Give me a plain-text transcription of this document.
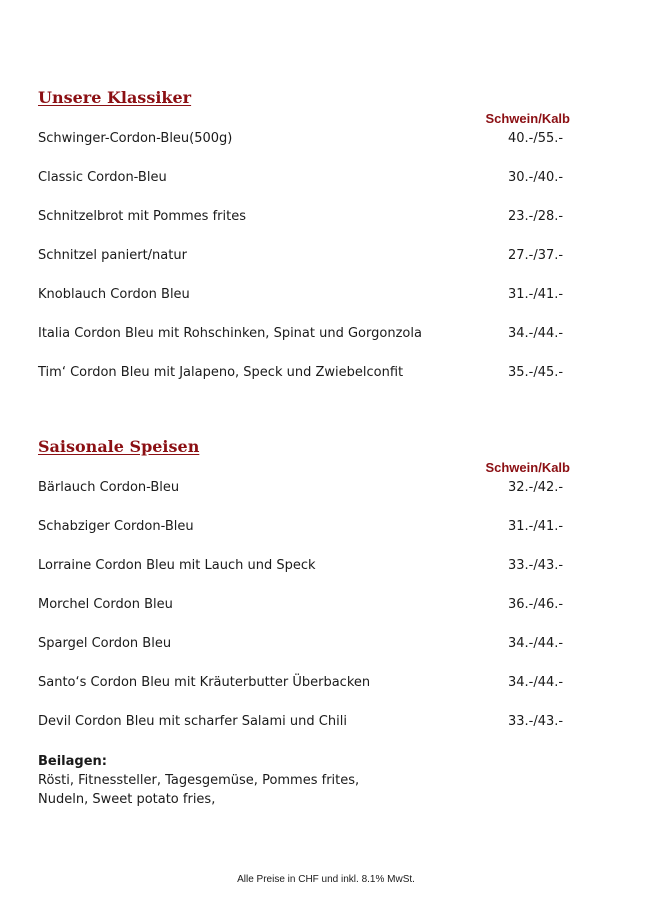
Unsere Klassiker
Schwein/Kalb
Schwinger-Cordon-Bleu(500g)	40.-/55.-
Classic Cordon-Bleu	30.-/40.-
Schnitzelbrot mit Pommes frites	23.-/28.-
Schnitzel paniert/natur	27.-/37.-
Knoblauch Cordon Bleu	31.-/41.-
Italia Cordon Bleu mit Rohschinken, Spinat und Gorgonzola	34.-/44.-
Tim‘ Cordon Bleu mit Jalapeno, Speck und Zwiebelconfit	35.-/45.-
Saisonale Speisen
Schwein/Kalb
Bärlauch Cordon-Bleu	32.-/42.-
Schabziger Cordon-Bleu	31.-/41.-
Lorraine Cordon Bleu mit Lauch und Speck	33.-/43.-
Morchel Cordon Bleu	36.-/46.-
Spargel Cordon Bleu	34.-/44.-
Santo‘s Cordon Bleu mit Kräuterbutter Überbacken	34.-/44.-
Devil Cordon Bleu mit scharfer Salami und Chili	33.-/43.-
Beilagen:
Rösti, Fitnessteller, Tagesgemüse, Pommes frites,
Nudeln, Sweet potato fries,
Alle Preise in CHF und inkl. 8.1% MwSt.
